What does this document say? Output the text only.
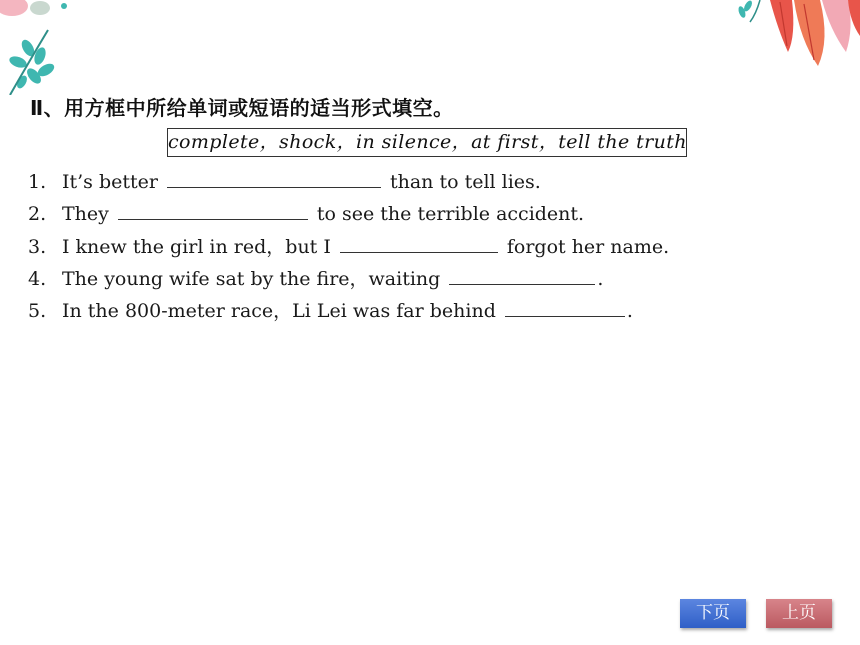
Ⅱ、用方框中所给单词或短语的适当形式填空。
complete，shock，in silence，at first，tell the truth
1. It’s better	than to tell lies.
2. They	to see the terrible accident.
3. I knew the girl in red，but I	forgot her name.
4. The young wife sat by the fire，waiting	.
5. In the 800-meter race，Li Lei was far behind	.
下页	上页
